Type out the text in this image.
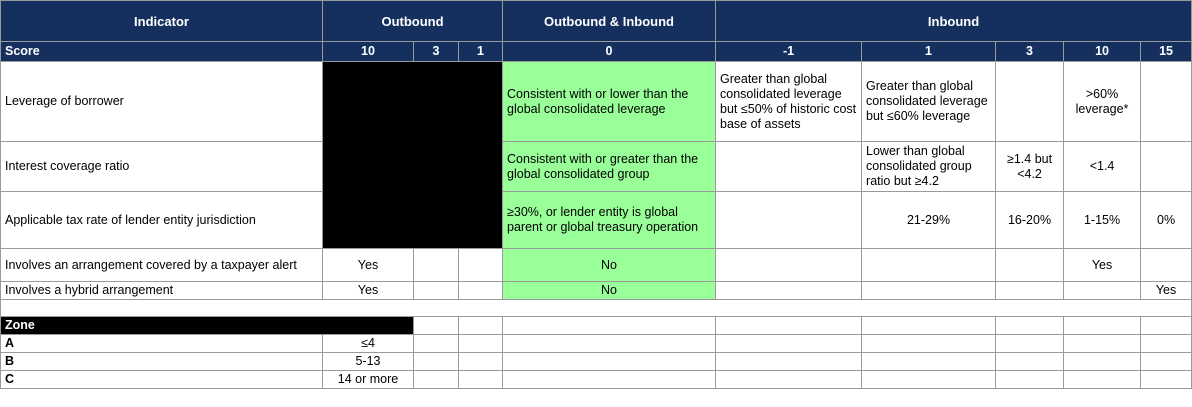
Indicator	Outbound			Outbound & Inbound	Inbound				
Score	10	3	1	0	-1	1	3	10	15
Leverage of borrower				Consistent with or lower than the global consolidated leverage	Greater than global consolidated leverage but ≤50% of historic cost base of assets	Greater than global consolidated leverage but ≤60% leverage		>60% leverage*	
Interest coverage ratio				Consistent with or greater than the global consolidated group		Lower than global consolidated group ratio but ≥4.2	≥1.4 but <4.2	<1.4	
Applicable tax rate of lender entity jurisdiction				≥30%, or lender entity is global parent or global treasury operation		21-29%	16-20%	1-15%	0%
Involves an arrangement covered by a taxpayer alert	Yes			No				Yes	
Involves a hybrid arrangement	Yes			No					Yes

Zone									
A	≤4								
B	5-13								
C	14 or more								
